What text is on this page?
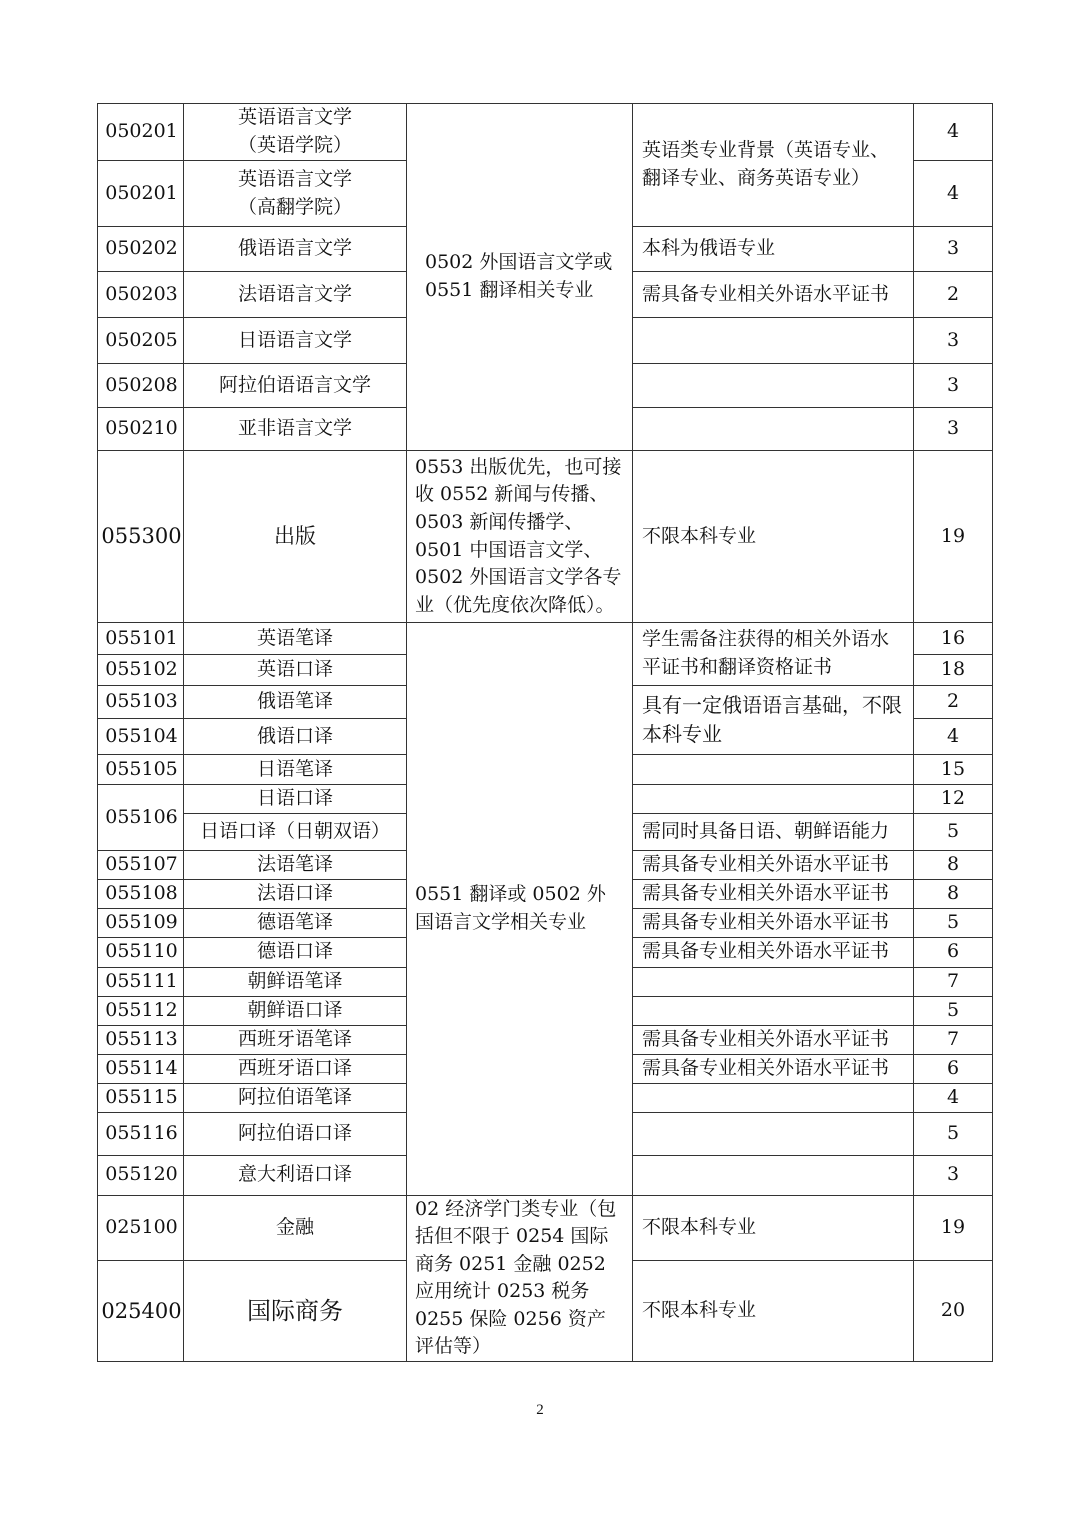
050201	英语语言文学（英语学院）	0502 外国语言文学或0551 翻译相关专业	英语类专业背景（英语专业、翻译专业、商务英语专业）	4
050201	英语语言文学（高翻学院）			4
050202	俄语语言文学		本科为俄语专业	3
050203	法语语言文学		需具备专业相关外语水平证书	2
050205	日语语言文学			3
050208	阿拉伯语语言文学			3
050210	亚非语言文学			3
055300	出版	0553 出版优先，也可接收 0552 新闻与传播、0503 新闻传播学、0501 中国语言文学、0502 外国语言文学各专业（优先度依次降低）。	不限本科专业	19
055101	英语笔译	0551 翻译或 0502 外国语言文学相关专业	学生需备注获得的相关外语水平证书和翻译资格证书	16
055102	英语口译			18
055103	俄语笔译		具有一定俄语语言基础，不限本科专业	2
055104	俄语口译			4
055105	日语笔译			15
055106	日语口译			12
	日语口译（日朝双语）		需同时具备日语、朝鲜语能力	5
055107	法语笔译		需具备专业相关外语水平证书	8
055108	法语口译		需具备专业相关外语水平证书	8
055109	德语笔译		需具备专业相关外语水平证书	5
055110	德语口译		需具备专业相关外语水平证书	6
055111	朝鲜语笔译			7
055112	朝鲜语口译			5
055113	西班牙语笔译		需具备专业相关外语水平证书	7
055114	西班牙语口译		需具备专业相关外语水平证书	6
055115	阿拉伯语笔译			4
055116	阿拉伯语口译			5
055120	意大利语口译			3
025100	金融	02 经济学门类专业（包括但不限于 0254 国际商务 0251 金融 0252 应用统计 0253 税务 0255 保险 0256 资产评估等）	不限本科专业	19
025400	国际商务		不限本科专业	20
2
